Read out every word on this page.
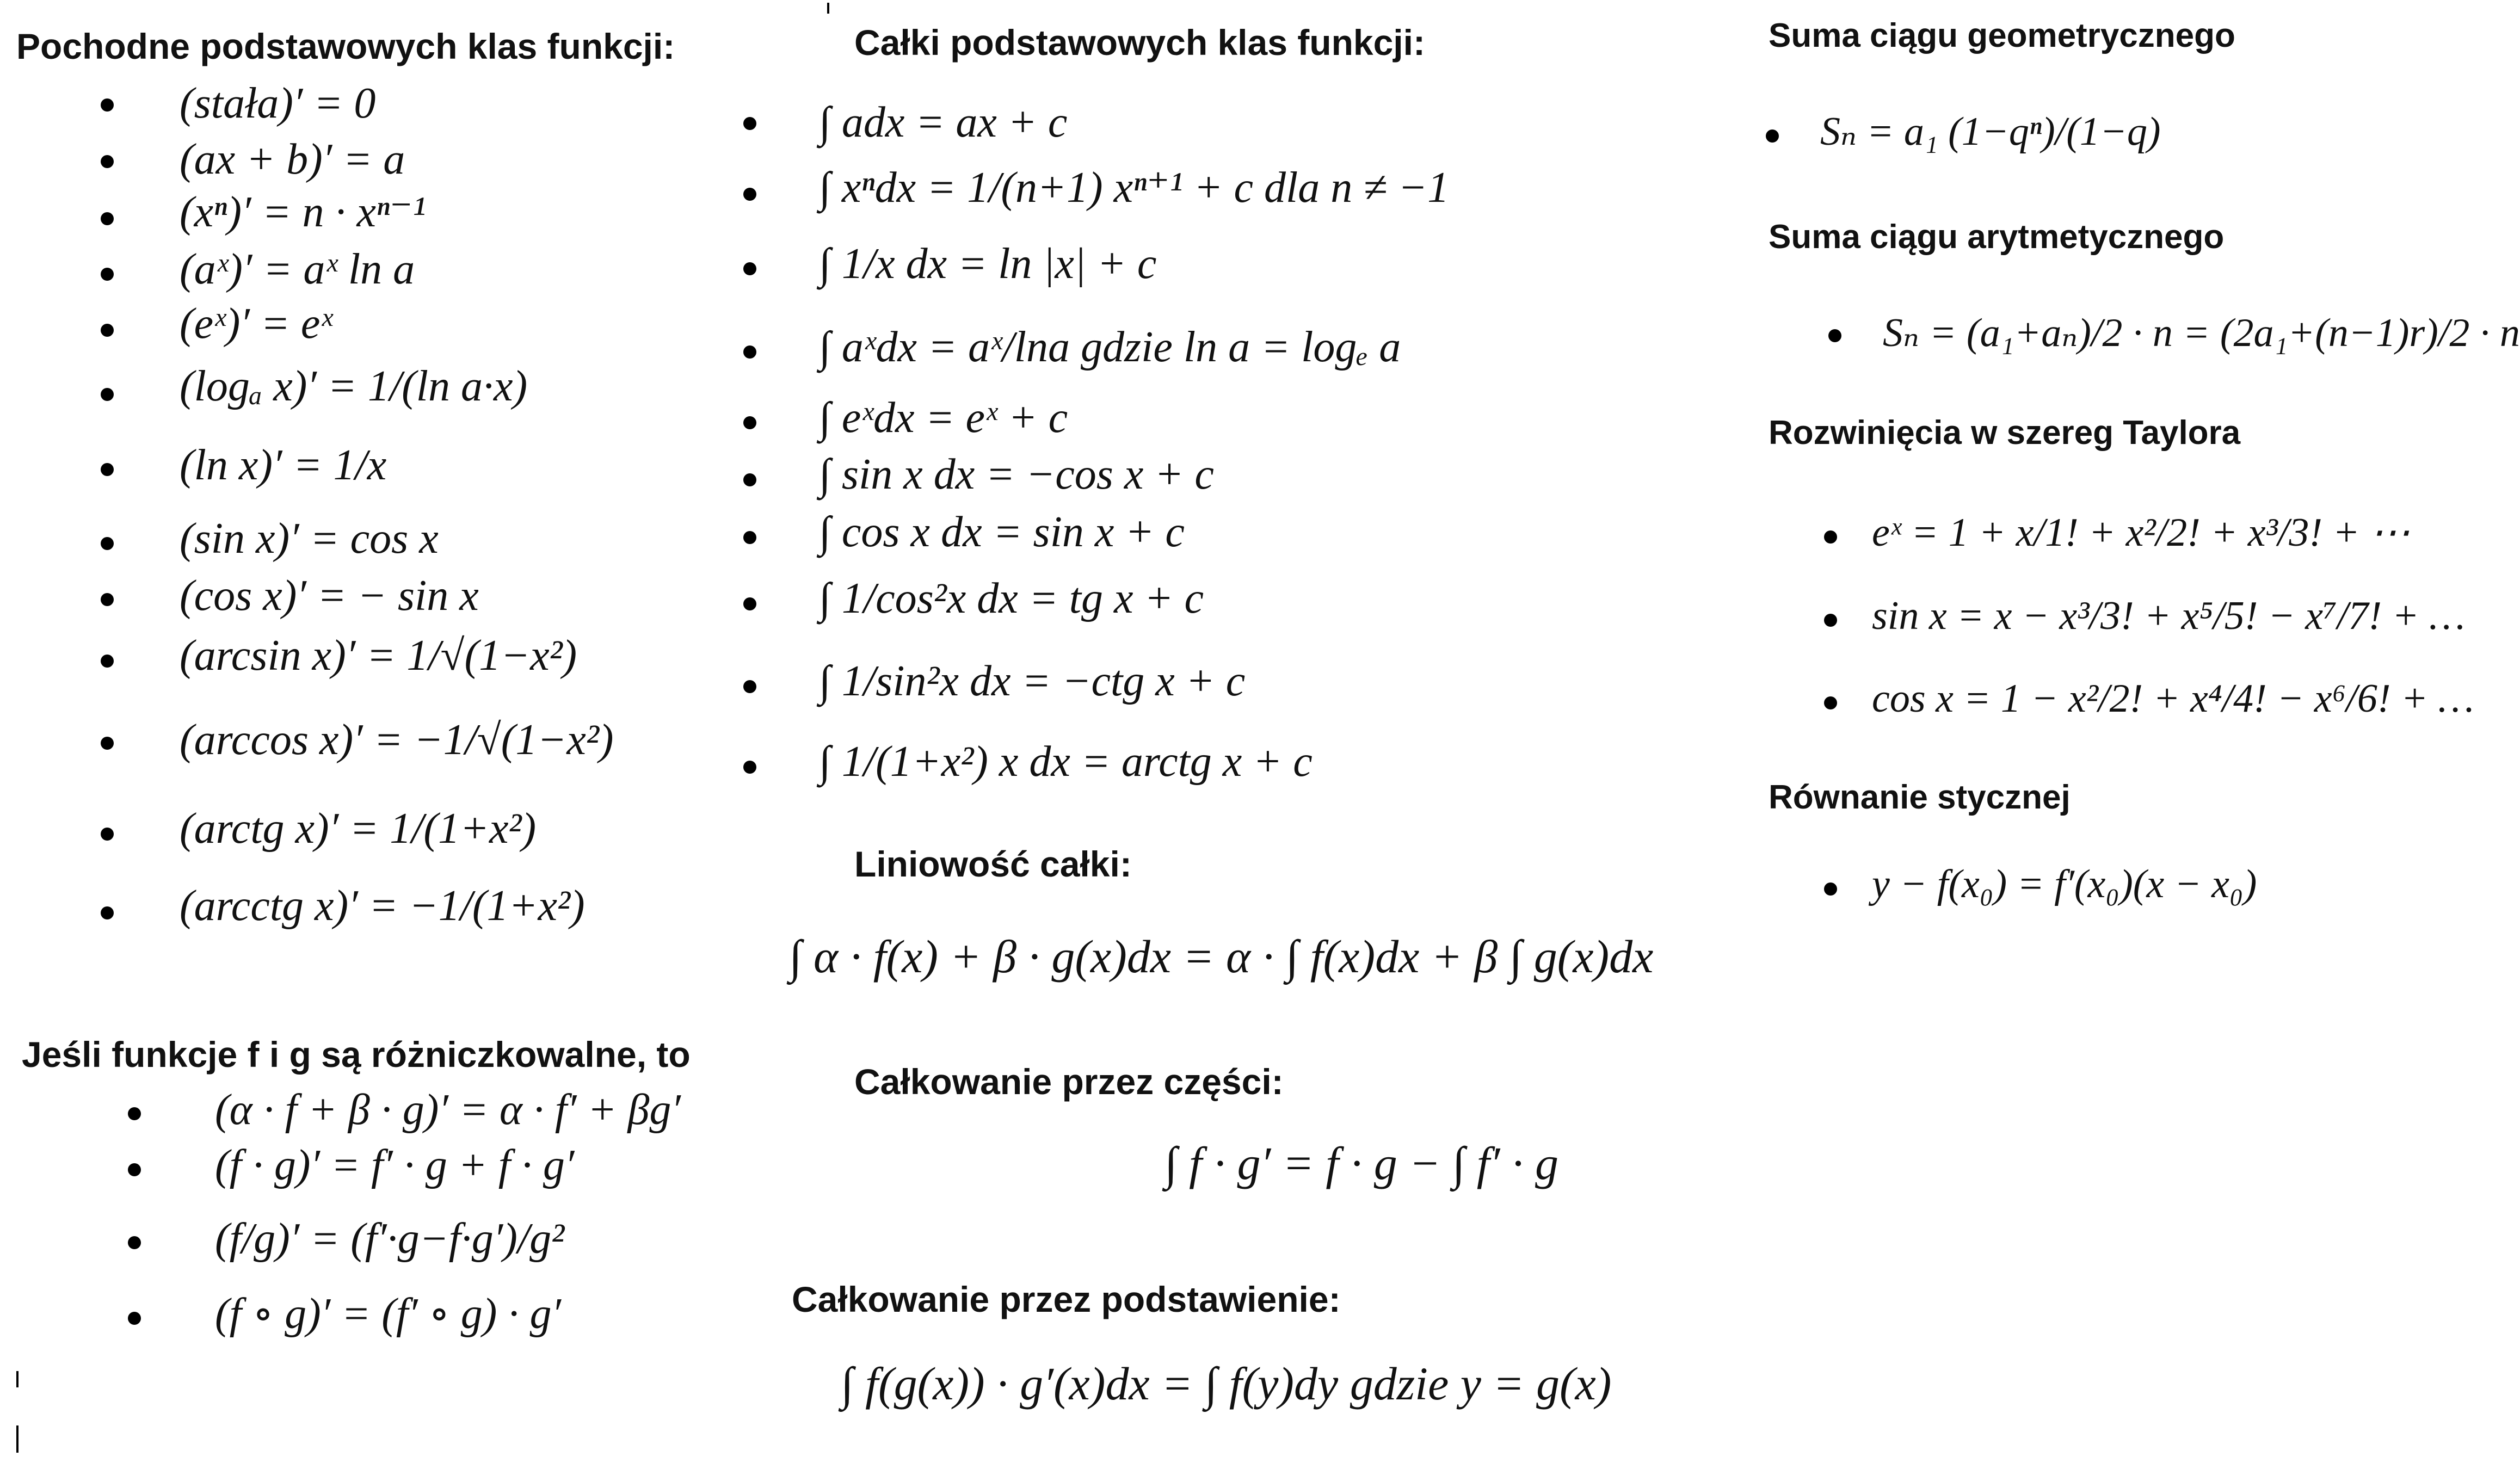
Pochodne podstawowych klas funkcji:
(stała)′ = 0
(ax + b)′ = a
(xⁿ)′ = n · xⁿ⁻¹
(aˣ)′ = aˣ ln a
(eˣ)′ = eˣ
(logₐ x)′ = 1/(ln a·x)
(ln x)′ = 1/x
(sin x)′ = cos x
(cos x)′ = − sin x
(arcsin x)′ = 1/√(1−x²)
(arccos x)′ = −1/√(1−x²)
(arctg x)′ = 1/(1+x²)
(arcctg x)′ = −1/(1+x²)
Jeśli funkcje f i g są różniczkowalne, to
(α · f + β · g)′ = α · f′ + βg′
(f · g)′ = f′ · g + f · g′
(f/g)′ = (f′·g−f·g′)/g²
(f ∘ g)′ = (f′ ∘ g) · g′
Całki podstawowych klas funkcji:
∫ adx = ax + c
∫ xⁿdx = 1/(n+1) xⁿ⁺¹ + c dla n ≠ −1
∫ 1/x dx = ln |x| + c
∫ aˣdx = aˣ/lna gdzie ln a = logₑ a
∫ eˣdx = eˣ + c
∫ sin x dx = −cos x + c
∫ cos x dx = sin x + c
∫ 1/cos²x dx = tg x + c
∫ 1/sin²x dx = −ctg x + c
∫ 1/(1+x²) x dx = arctg x + c
Liniowość całki:
∫ α · f(x) + β · g(x)dx = α · ∫ f(x)dx + β ∫ g(x)dx
Całkowanie przez części:
∫ f · g′ = f · g − ∫ f′ · g
Całkowanie przez podstawienie:
∫ f(g(x)) · g′(x)dx = ∫ f(y)dy gdzie y = g(x)
Suma ciągu geometrycznego
Sₙ = a₁ (1−qⁿ)/(1−q)
Suma ciągu arytmetycznego
Sₙ = (a₁+aₙ)/2 · n = (2a₁+(n−1)r)/2 · n
Rozwinięcia w szereg Taylora
eˣ = 1 + x/1! + x²/2! + x³/3! + ⋯
sin x = x − x³/3! + x⁵/5! − x⁷/7! + …
cos x = 1 − x²/2! + x⁴/4! − x⁶/6! + …
Równanie stycznej
y − f(x₀) = f′(x₀)(x − x₀)
